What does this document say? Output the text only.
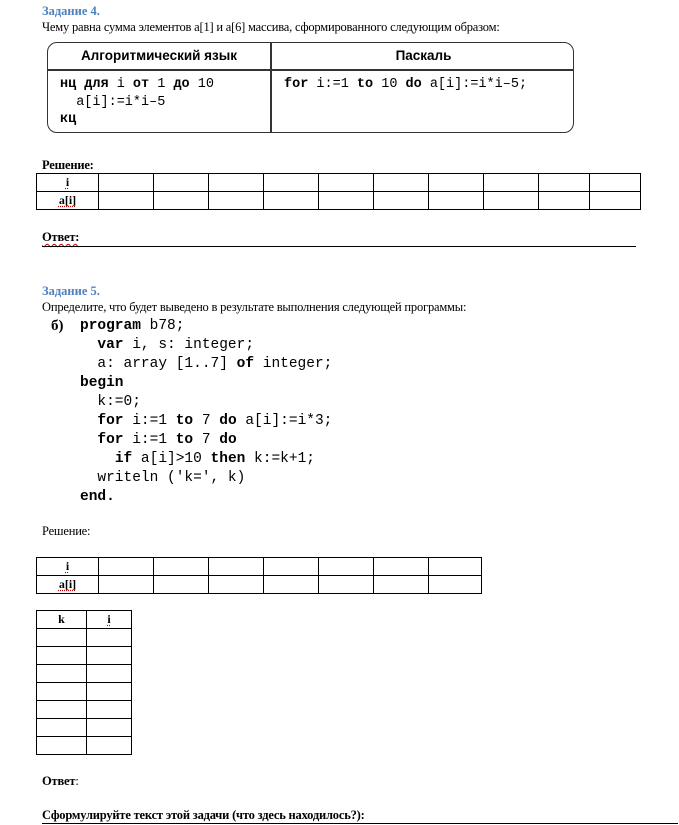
Задание 4.
Чему равна сумма элементов a[1] и a[6] массива, сформированного следующим образом:
Алгоритмический язык	Паскаль
нц для i от 1 до 10
a[i]:=i*i–5
кц
for i:=1 to 10 do a[i]:=i*i–5;
Решение:
i										
a[i]										
Ответ:
Задание 5.
Определите, что будет выведено в результате выполнения следующей программы:
б) program b78;
var i, s: integer;
a: array [1..7] of integer;
begin
k:=0;
for i:=1 to 7 do a[i]:=i*3;
for i:=1 to 7 do
if a[i]>10 then k:=k+1;
writeln ('k=', k)
end.
Решение:
i							
a[i]							
k	i

Ответ:
Сформулируйте текст этой задачи (что здесь находилось?):
